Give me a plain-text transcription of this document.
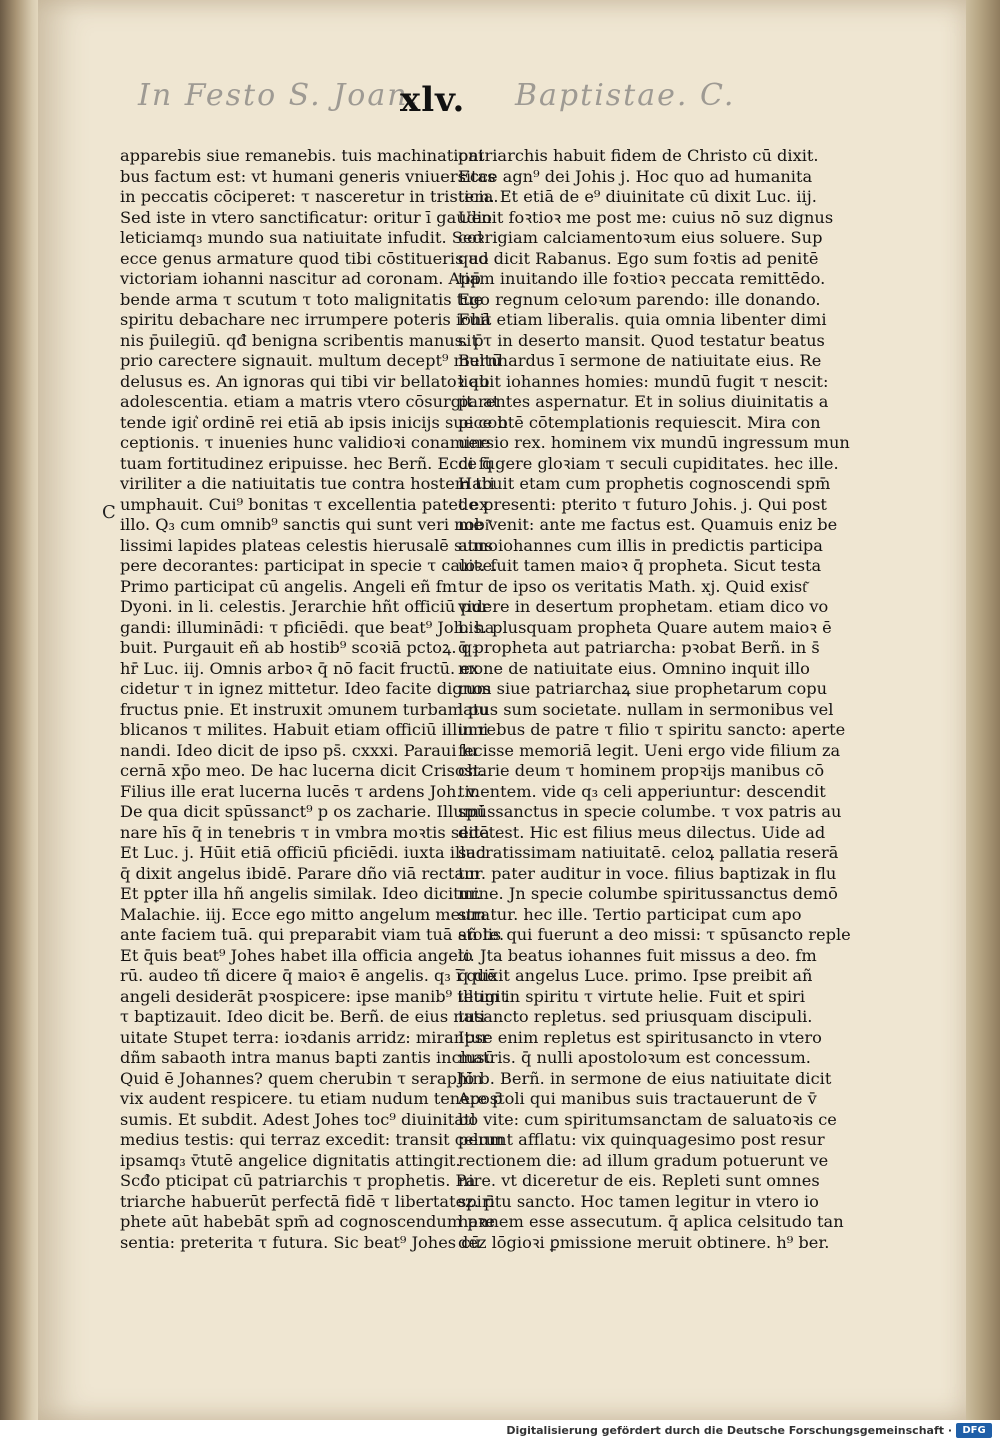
In Festo S. Joan.	Baptistae. C.
xlv.
C
apparebis siue remanebis. tuis machinationi
bus factum est: vt humani generis vniuersitas
in peccatis cōciperet: τ nasceretur in tristicia.
Sed iste in vtero sanctificatur: oritur ī gaudio
leticiamq₃ mundo sua natiuitate infudit. Sed
ecce genus armature quod tibi cōstitueris ad
victoriam iohanni nascitur ad coronam. App̄
bende arma τ scutum τ toto malignitatis tue
spiritu debachare nec irrumpere poteris iohā
nis p̄uilegiū. qđ benigna scribentis manus. p̄
prio carectere signauit. multum decept⁹ multū
delusus es. An ignoras qui tibi vir bellatoꝛ ab
adolescentia. etiam a matris vtero cōsurgit. at
tende igit͛ ordinē rei etiā ab ipsis inicijs sue con
ceptionis. τ inuenies hunc validioꝛi conamine
tuam fortitudinez eripuisse. hec Berñ. Ecce q̄
viriliter a die natiuitatis tue contra hostem tri
umphauit. Cui⁹ bonitas τ excellentia patet ex
illo. Q₃ cum omnib⁹ sanctis qui sunt veri nobi͂
lissimi lapides plateas celestis hierusalē sumo
pere decorantes: participat in specie τ caloꝛe.
Primo participat cū angelis. Angeli eñ fm
Dyoni. in li. celestis. Jerarchie hñt officiū pur
gandi: illuminādi: τ pficiēdi. que beat⁹ Joh. ha
buit. Purgauit eñ ab hostib⁹ scoꝛiā pctoꝝ. q₃
hr̄ Luc. iij. Omnis arboꝛ q̄ nō facit fructū. ex
cidetur τ in ignez mittetur. Ideo facite dignos
fructus pnie. Et instruxit ɔmunem turbam pu
blicanos τ milites. Habuit etiam officiū illumi
nandi. Ideo dicit de ipso ps̄. cxxxi. Paraui lu
cernā xp̄o meo. De hac lucerna dicit Crisost.
Filius ille erat lucerna lucēs τ ardens Joh. v.
De qua dicit spūssanct⁹ p os zacharie. Illumi
nare hīs q̄ in tenebris τ in vmbra moꝛtis sedēt.
Et Luc. j. Hūit etiā officiū pficiēdi. iuxta illud
q̄ dixit angelus ibidē. Parare dño viā rectam
Et pꝑter illa hñ angelis similak. Ideo dicitur.
Malachie. iij. Ecce ego mitto angelum meum
ante faciem tuā. qui preparabit viam tuā añ te.
Et q̄uis beat⁹ Johes habet illa officia angelo
rū. audeo tñ dicere q̄ maioꝛ ē angelis. q₃ ī quē
angeli desiderāt pꝛospicere: ipse manib⁹ tetigit
τ baptizauit. Ideo dicit be. Berñ. de eius nati
uitate Stupet terra: ioꝛdanis arridz: mirantur
dñm sabaoth intra manus bapti zantis inclusū
Quid ē Johannes? quem cherubin τ seraphin
vix audent respicere. tu etiam nudum tenere p̄
sumis. Et subdit. Adest Johes toc⁹ diuinitatl
medius testis: qui terraz excedit: transit celum
ipsamq₃ v̄tutē angelice dignitatis attingit.
Scđo pticipat cū patriarchis τ prophetis. Pa
triarche habuerūt perfectā fidē τ libertatez. p̄
phete aūt habebāt spm̄ ad cognoscendum pꝛe
sentia: preterita τ futura. Sic beat⁹ Johes cū
patriarchis habuit fidem de Christo cū dixit.
Ecce agn⁹ dei Johis j. Hoc quo ad humanita
tem. Et etiā de e⁹ diuinitate cū dixit Luc. iij.
Uenit foꝛtioꝛ me post me: cuius nō suz dignus
coꝛrigiam calciamentoꝛum eius soluere. Sup
quo dicit Rabanus. Ego sum foꝛtis ad penitē
tiam inuitando ille foꝛtioꝛ peccata remittēdo.
Ego regnum celoꝛum parendo: ille donando.
Fuit etiam liberalis. quia omnia libenter dimi
sit τ in deserto mansit. Quod testatur beatus
Bernhardus ī sermone de natiuitate eius. Re
liquit iohannes homies: mundū fugit τ nescit:
parentes aspernatur. Et in solius diuinitatis a
pice btē cōtemplationis requiescit. Mira con
uersio rex. hominem vix mundū ingressum mun
di fugere gloꝛiam τ seculi cupiditates. hec ille.
Habuit etam cum prophetis cognoscendi spm̄
de presenti: pterito τ futuro Johis. j. Qui post
me venit: ante me factus est. Quamuis eniz be
atus iohannes cum illis in predictis participa
uit. fuit tamen maioꝛ q̄ propheta. Sicut testa
tur de ipso os veritatis Math. xj. Quid exist͂
videre in desertum prophetam. etiam dico vo
bis. plusquam propheta Quare autem maioꝛ ē
q̄ propheta aut patriarcha: pꝛobat Berñ. in s̄
mone de natiuitate eius. Omnino inquit illo
rum siue patriarchaꝝ siue prophetarum copu
latus sum societate. nullam in sermonibus vel
in rebus de patre τ filio τ spiritu sancto: aperte
fecisse memoriā legit. Ueni ergo vide filium za
charie deum τ hominem propꝛijs manibus cō
tinentem. vide q₃ celi apperiuntur: descendit
spūssanctus in specie columbe. τ vox patris au
dita est. Hic est filius meus dilectus. Uide ad
sacratissimam natiuitatē. celoꝝ pallatia reserā
tur. pater auditur in voce. filius baptizak in flu
mine. Jn specie columbe spiritussanctus demō
stratur. hec ille. Tertio participat cum apo
stolis qui fuerunt a deo missi: τ spūsancto reple
ti. Jta beatus iohannes fuit missus a deo. fm
q̄ dixit angelus Luce. primo. Ipse preibit añ
illum in spiritu τ virtute helie. Fuit et spiri
tusancto repletus. sed priusquam discipuli.
Ipse enim repletus est spiritusancto in vtero
matris. q̄ nulli apostoloꝛum est concessum.
Jō b. Berñ. in sermone de eius natiuitate dicit
Apostoli qui manibus suis tractauerunt de v̄
bo vite: cum spiritumsanctam de saluatoꝛis ce
perunt afflatu: vix quinquagesimo post resur
rectionem die: ad illum gradum potuerunt ve
nire. vt diceretur de eis. Repleti sunt omnes
spiritu sancto. Hoc tamen legitur in vtero io
hannem esse assecutum. q̄ aplica celsitudo tan
dez lōgioꝛi ꝑmissione meruit obtinere. h⁹ ber.
Digitalisierung gefördert durch die Deutsche Forschungsgemeinschaft ·	DFG
